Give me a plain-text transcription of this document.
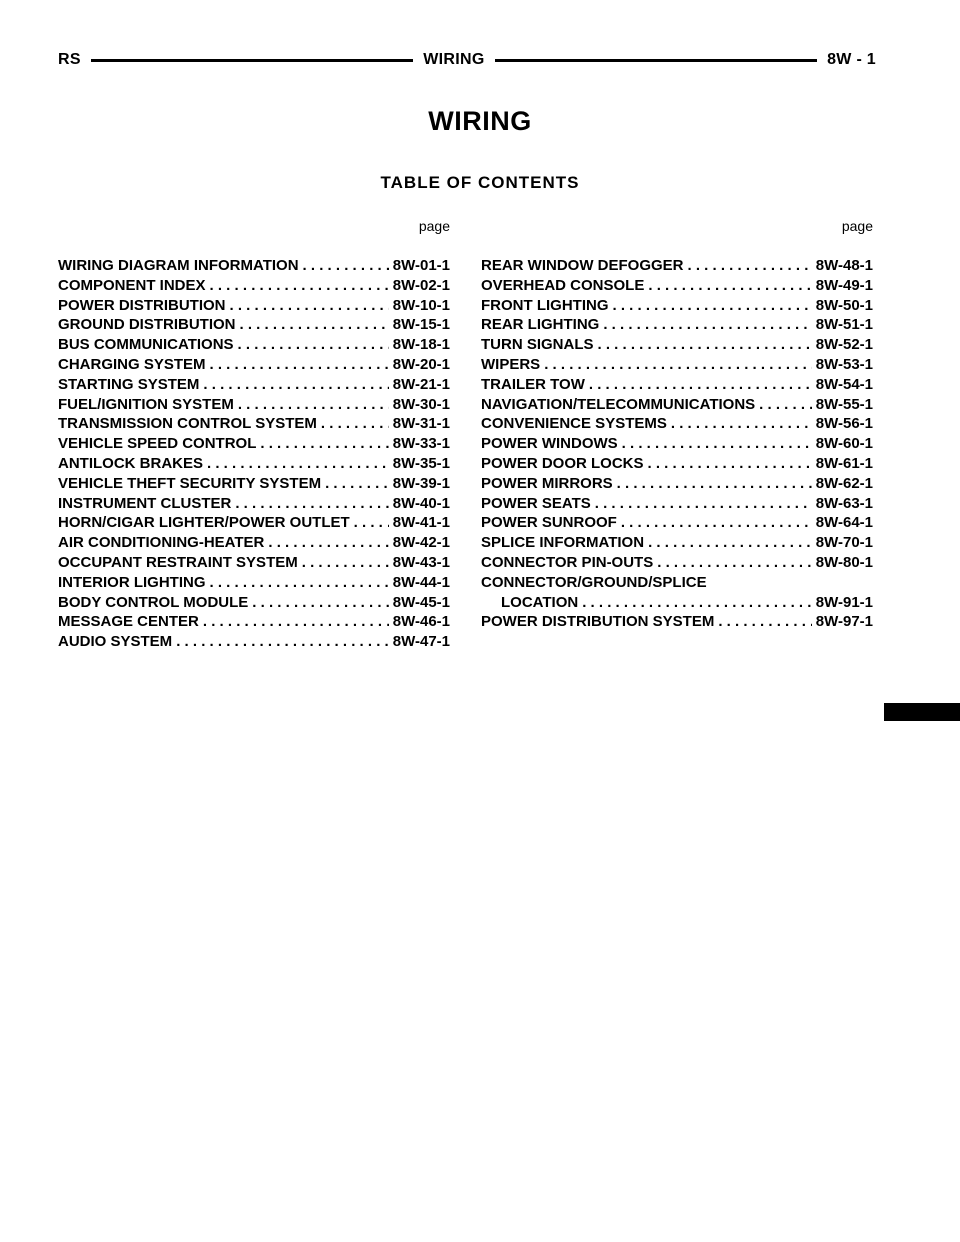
RS	WIRING	8W - 1
WIRING
TABLE OF CONTENTS
page
WIRING DIAGRAM INFORMATION . . .	8W-01-1
COMPONENT INDEX . . .	8W-02-1
POWER DISTRIBUTION . . .	8W-10-1
GROUND DISTRIBUTION . . .	8W-15-1
BUS COMMUNICATIONS . . .	8W-18-1
CHARGING SYSTEM . . .	8W-20-1
STARTING SYSTEM . . .	8W-21-1
FUEL/IGNITION SYSTEM . . .	8W-30-1
TRANSMISSION CONTROL SYSTEM . . .	8W-31-1
VEHICLE SPEED CONTROL . . .	8W-33-1
ANTILOCK BRAKES . . .	8W-35-1
VEHICLE THEFT SECURITY SYSTEM . . .	8W-39-1
INSTRUMENT CLUSTER . . .	8W-40-1
HORN/CIGAR LIGHTER/POWER OUTLET . . .	8W-41-1
AIR CONDITIONING-HEATER . . .	8W-42-1
OCCUPANT RESTRAINT SYSTEM . . .	8W-43-1
INTERIOR LIGHTING . . .	8W-44-1
BODY CONTROL MODULE . . .	8W-45-1
MESSAGE CENTER . . .	8W-46-1
AUDIO SYSTEM . . .	8W-47-1
page
REAR WINDOW DEFOGGER . . .	8W-48-1
OVERHEAD CONSOLE . . .	8W-49-1
FRONT LIGHTING . . .	8W-50-1
REAR LIGHTING . . .	8W-51-1
TURN SIGNALS . . .	8W-52-1
WIPERS . . .	8W-53-1
TRAILER TOW . . .	8W-54-1
NAVIGATION/TELECOMMUNICATIONS . . .	8W-55-1
CONVENIENCE SYSTEMS . . .	8W-56-1
POWER WINDOWS . . .	8W-60-1
POWER DOOR LOCKS . . .	8W-61-1
POWER MIRRORS . . .	8W-62-1
POWER SEATS . . .	8W-63-1
POWER SUNROOF . . .	8W-64-1
SPLICE INFORMATION . . .	8W-70-1
CONNECTOR PIN-OUTS . . .	8W-80-1
CONNECTOR/GROUND/SPLICE
LOCATION . . .	8W-91-1
POWER DISTRIBUTION SYSTEM . . .	8W-97-1
